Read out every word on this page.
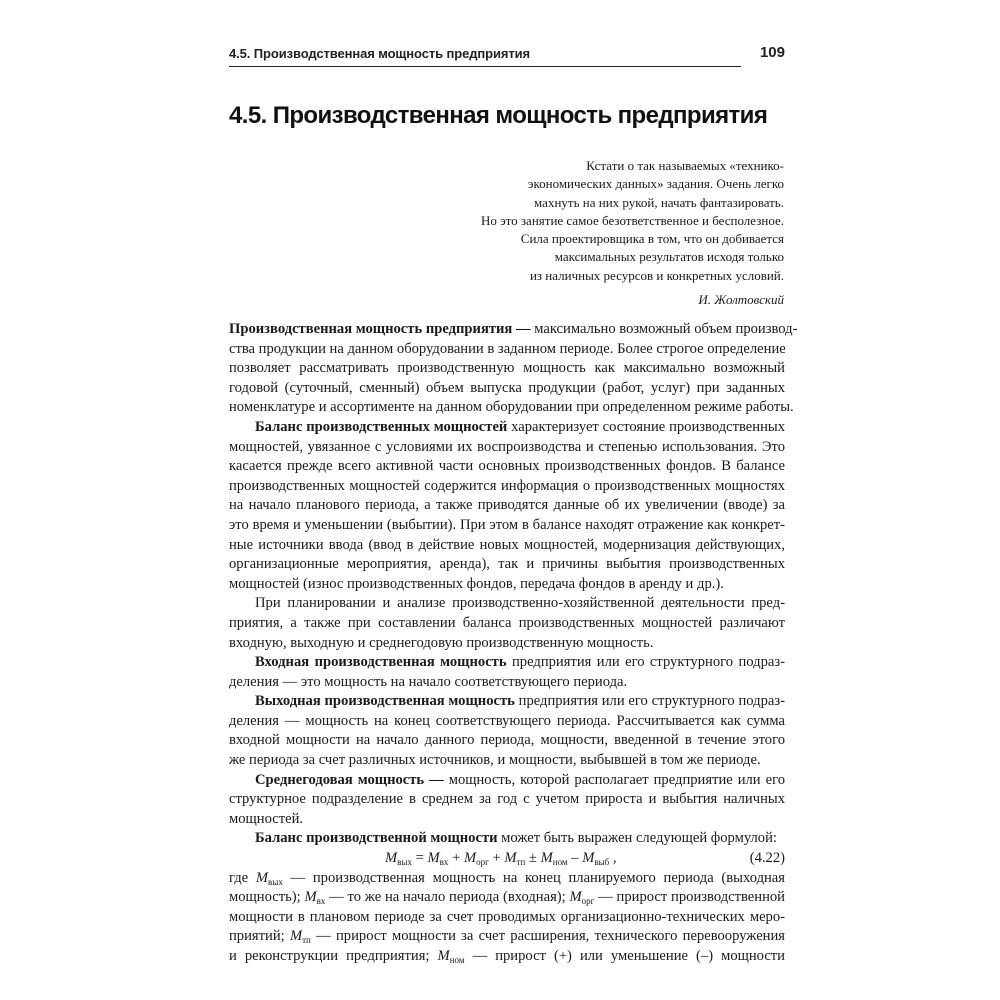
4.5. Производственная мощность предприятия	109
4.5. Производственная мощность предприятия
Кстати о так называемых «технико-
экономических данных» задания. Очень легко
махнуть на них рукой, начать фантазировать.
Но это занятие самое безответственное и бесполезное.
Сила проектировщика в том, что он добивается
максимальных результатов исходя только
из наличных ресурсов и конкретных условий.
И. Жолтовский
Производственная мощность предприятия — максимально возможный объем производ-
ства продукции на данном оборудовании в заданном периоде. Более строгое определение
позволяет рассматривать производственную мощность как максимально возможный
годовой (суточный, сменный) объем выпуска продукции (работ, услуг) при заданных
номенклатуре и ассортименте на данном оборудовании при определенном режиме работы.
Баланс производственных мощностей характеризует состояние производственных
мощностей, увязанное с условиями их воспроизводства и степенью использования. Это
касается прежде всего активной части основных производственных фондов. В балансе
производственных мощностей содержится информация о производственных мощностях
на начало планового периода, а также приводятся данные об их увеличении (вводе) за
это время и уменьшении (выбытии). При этом в балансе находят отражение как конкрет-
ные источники ввода (ввод в действие новых мощностей, модернизация действующих,
организационные мероприятия, аренда), так и причины выбытия производственных
мощностей (износ производственных фондов, передача фондов в аренду и др.).
При планировании и анализе производственно-хозяйственной деятельности пред-
приятия, а также при составлении баланса производственных мощностей различают
входную, выходную и среднегодовую производственную мощность.
Входная производственная мощность предприятия или его структурного подраз-
деления — это мощность на начало соответствующего периода.
Выходная производственная мощность предприятия или его структурного подраз-
деления — мощность на конец соответствующего периода. Рассчитывается как сумма
входной мощности на начало данного периода, мощности, введенной в течение этого
же периода за счет различных источников, и мощности, выбывшей в том же периоде.
Среднегодовая мощность — мощность, которой располагает предприятие или его
структурное подразделение в среднем за год с учетом прироста и выбытия наличных
мощностей.
Баланс производственной мощности может быть выражен следующей формулой:
$М_{вых} = М_{вх} + М_{орг} + М_{тп} \pm М_{ном} - М_{выб}$ ,	(4.22)
где $М_{вых}$ — производственная мощность на конец планируемого периода (выходная
мощность); $М_{вх}$ — то же на начало периода (входная); $М_{орг}$ — прирост производственной
мощности в плановом периоде за счет проводимых организационно-технических меро-
приятий; $М_{тп}$ — прирост мощности за счет расширения, технического перевооружения
и реконструкции предприятия; $М_{ном}$ — прирост (+) или уменьшение (–) мощности
